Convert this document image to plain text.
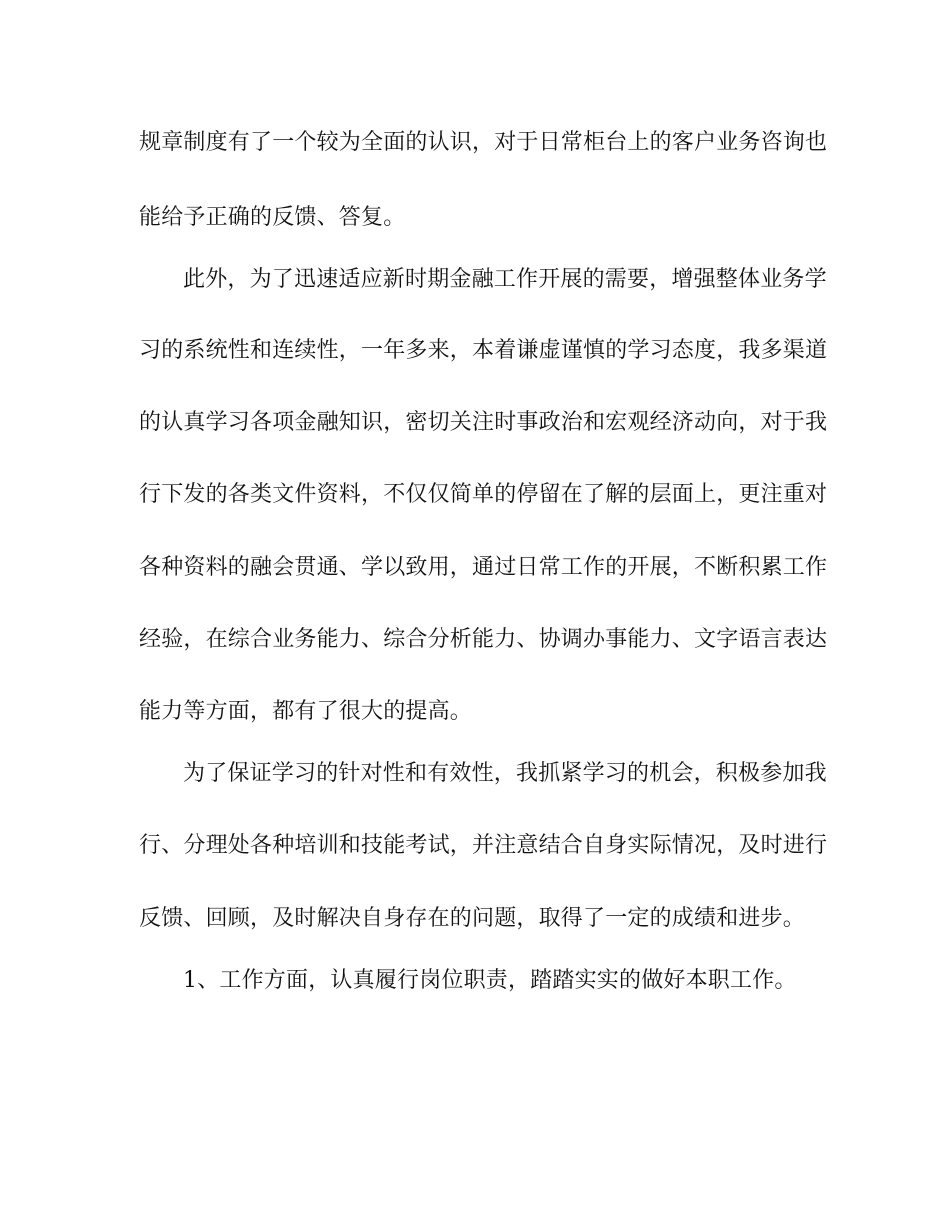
规章制度有了一个较为全面的认识，对于日常柜台上的客户业务咨询也
能给予正确的反馈、答复。
此外，为了迅速适应新时期金融工作开展的需要，增强整体业务学
习的系统性和连续性，一年多来，本着谦虚谨慎的学习态度，我多渠道
的认真学习各项金融知识，密切关注时事政治和宏观经济动向，对于我
行下发的各类文件资料，不仅仅简单的停留在了解的层面上，更注重对
各种资料的融会贯通、学以致用，通过日常工作的开展，不断积累工作
经验，在综合业务能力、综合分析能力、协调办事能力、文字语言表达
能力等方面，都有了很大的提高。
为了保证学习的针对性和有效性，我抓紧学习的机会，积极参加我
行、分理处各种培训和技能考试，并注意结合自身实际情况，及时进行
反馈、回顾，及时解决自身存在的问题，取得了一定的成绩和进步。
1、工作方面，认真履行岗位职责，踏踏实实的做好本职工作。
